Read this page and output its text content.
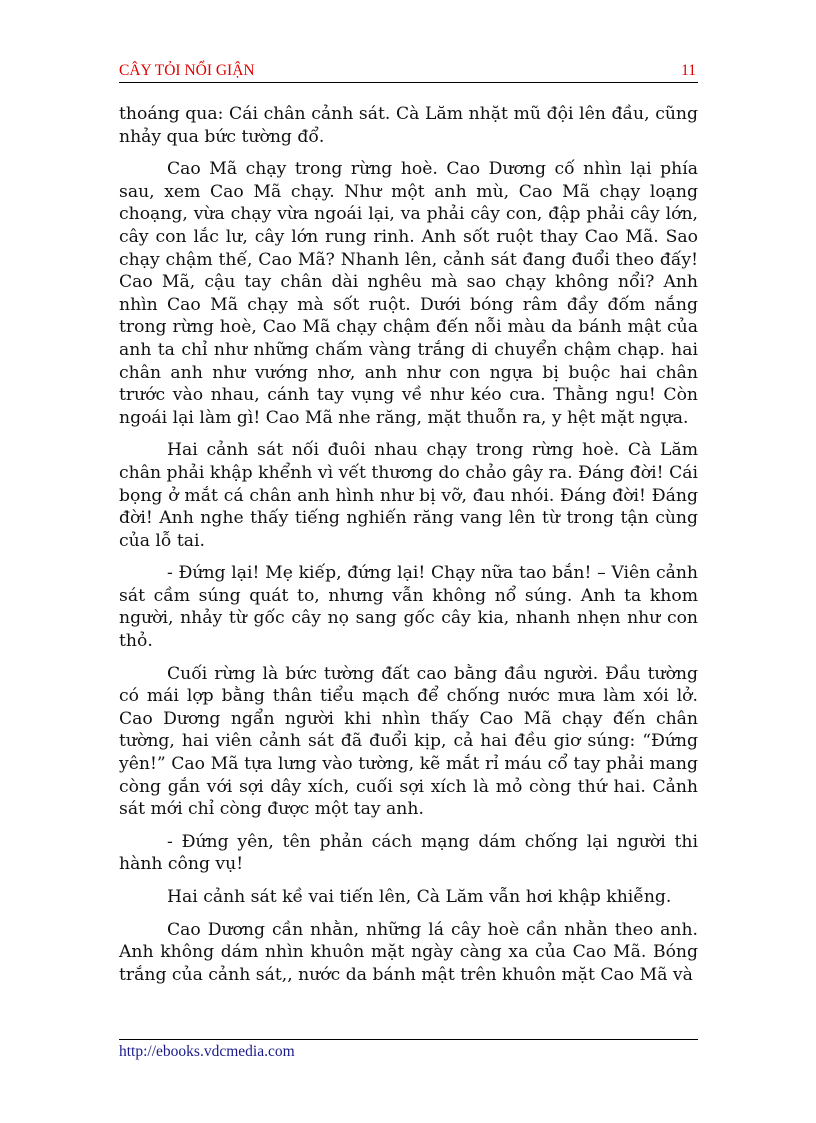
CÂY TỎI NỔI GIẬN	11

thoáng qua: Cái chân cảnh sát. Cà Lăm nhặt mũ đội lên đầu, cũng nhảy qua bức tường đổ.

Cao Mã chạy trong rừng hoè. Cao Dương cố nhìn lại phía sau, xem Cao Mã chạy. Như một anh mù, Cao Mã chạy loạng choạng, vừa chạy vừa ngoái lại, va phải cây con, đập phải cây lớn, cây con lắc lư, cây lớn rung rinh. Anh sốt ruột thay Cao Mã. Sao chạy chậm thế, Cao Mã? Nhanh lên, cảnh sát đang đuổi theo đấy! Cao Mã, cậu tay chân dài nghêu mà sao chạy không nổi? Anh nhìn Cao Mã chạy mà sốt ruột. Dưới bóng râm đầy đốm nắng trong rừng hoè, Cao Mã chạy chậm đến nỗi màu da bánh mật của anh ta chỉ như những chấm vàng trắng di chuyển chậm chạp. hai chân anh như vướng nhơ, anh như con ngựa bị buộc hai chân trước vào nhau, cánh tay vụng về như kéo cưa. Thằng ngu! Còn ngoái lại làm gì! Cao Mã nhe răng, mặt thuỗn ra, y hệt mặt ngựa.

Hai cảnh sát nối đuôi nhau chạy trong rừng hoè. Cà Lăm chân phải khập khểnh vì vết thương do chảo gây ra. Đáng đời! Cái bọng ở mắt cá chân anh hình như bị vỡ, đau nhói. Đáng đời! Đáng đời! Anh nghe thấy tiếng nghiến răng vang lên từ trong tận cùng của lỗ tai.

- Đứng lại! Mẹ kiếp, đứng lại! Chạy nữa tao bắn! – Viên cảnh sát cầm súng quát to, nhưng vẫn không nổ súng. Anh ta khom người, nhảy từ gốc cây nọ sang gốc cây kia, nhanh nhẹn như con thỏ.

Cuối rừng là bức tường đất cao bằng đầu người. Đầu tường có mái lợp bằng thân tiểu mạch để chống nước mưa làm xói lở. Cao Dương ngẩn người khi nhìn thấy Cao Mã chạy đến chân tường, hai viên cảnh sát đã đuổi kịp, cả hai đều giơ súng: “Đứng yên!” Cao Mã tựa lưng vào tường, kẽ mắt rỉ máu cổ tay phải mang còng gắn với sợi dây xích, cuối sợi xích là mỏ còng thứ hai. Cảnh sát mới chỉ còng được một tay anh.

- Đứng yên, tên phản cách mạng dám chống lại người thi hành công vụ!

Hai cảnh sát kề vai tiến lên, Cà Lăm vẫn hơi khập khiễng.

Cao Dương cần nhằn, những lá cây hoè cần nhằn theo anh. Anh không dám nhìn khuôn mặt ngày càng xa của Cao Mã. Bóng trắng của cảnh sát,, nước da bánh mật trên khuôn mặt Cao Mã và

http://ebooks.vdcmedia.com
